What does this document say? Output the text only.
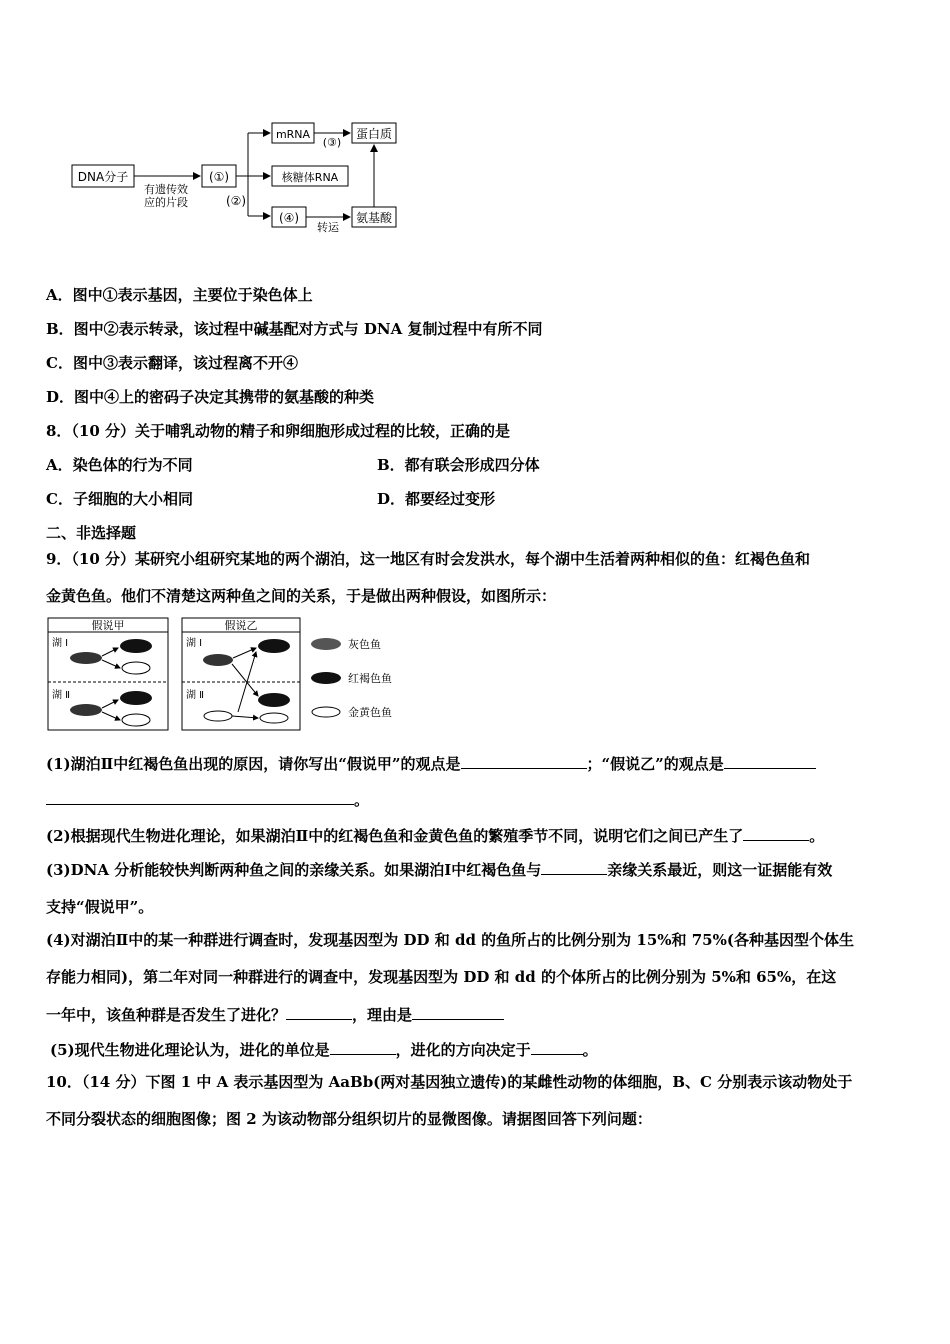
DNA分子
有遗传效
应的片段
(①)
(②)
mRNA
(③)
蛋白质
核糖体RNA
(④)
转运
氨基酸
A．图中①表示基因，主要位于染色体上
B．图中②表示转录，该过程中碱基配对方式与 DNA 复制过程中有所不同
C．图中③表示翻译，该过程离不开④
D．图中④上的密码子决定其携带的氨基酸的种类
8．（10 分）关于哺乳动物的精子和卵细胞形成过程的比较，正确的是
A．染色体的行为不同	B．都有联会形成四分体
C．子细胞的大小相同	D．都要经过变形
二、非选择题
9．（10 分）某研究小组研究某地的两个湖泊，这一地区有时会发洪水，每个湖中生活着两种相似的鱼：红褐色鱼和
金黄色鱼。他们不清楚这两种鱼之间的关系，于是做出两种假设，如图所示：
假说甲
湖 Ⅰ
湖 Ⅱ
假说乙
湖 Ⅰ
湖 Ⅱ
灰色鱼
红褐色鱼
金黄色鱼
(1)湖泊Ⅱ中红褐色鱼出现的原因，请你写出“假说甲”的观点是	；“假说乙”的观点是
。
(2)根据现代生物进化理论，如果湖泊Ⅱ中的红褐色鱼和金黄色鱼的繁殖季节不同，说明它们之间已产生了	。
(3)DNA 分析能较快判断两种鱼之间的亲缘关系。如果湖泊Ⅰ中红褐色鱼与	亲缘关系最近，则这一证据能有效
支持“假说甲”。
(4)对湖泊Ⅱ中的某一种群进行调查时，发现基因型为 DD 和 dd 的鱼所占的比例分别为 15%和 75%(各种基因型个体生
存能力相同)，第二年对同一种群进行的调查中，发现基因型为 DD 和 dd 的个体所占的比例分别为 5%和 65%，在这
一年中，该鱼种群是否发生了进化？	，理由是
(5)现代生物进化理论认为，进化的单位是	，进化的方向决定于	。
10．（14 分）下图 1 中 A 表示基因型为 AaBb(两对基因独立遗传)的某雌性动物的体细胞，B、C 分别表示该动物处于
不同分裂状态的细胞图像；图 2 为该动物部分组织切片的显微图像。请据图回答下列问题：
